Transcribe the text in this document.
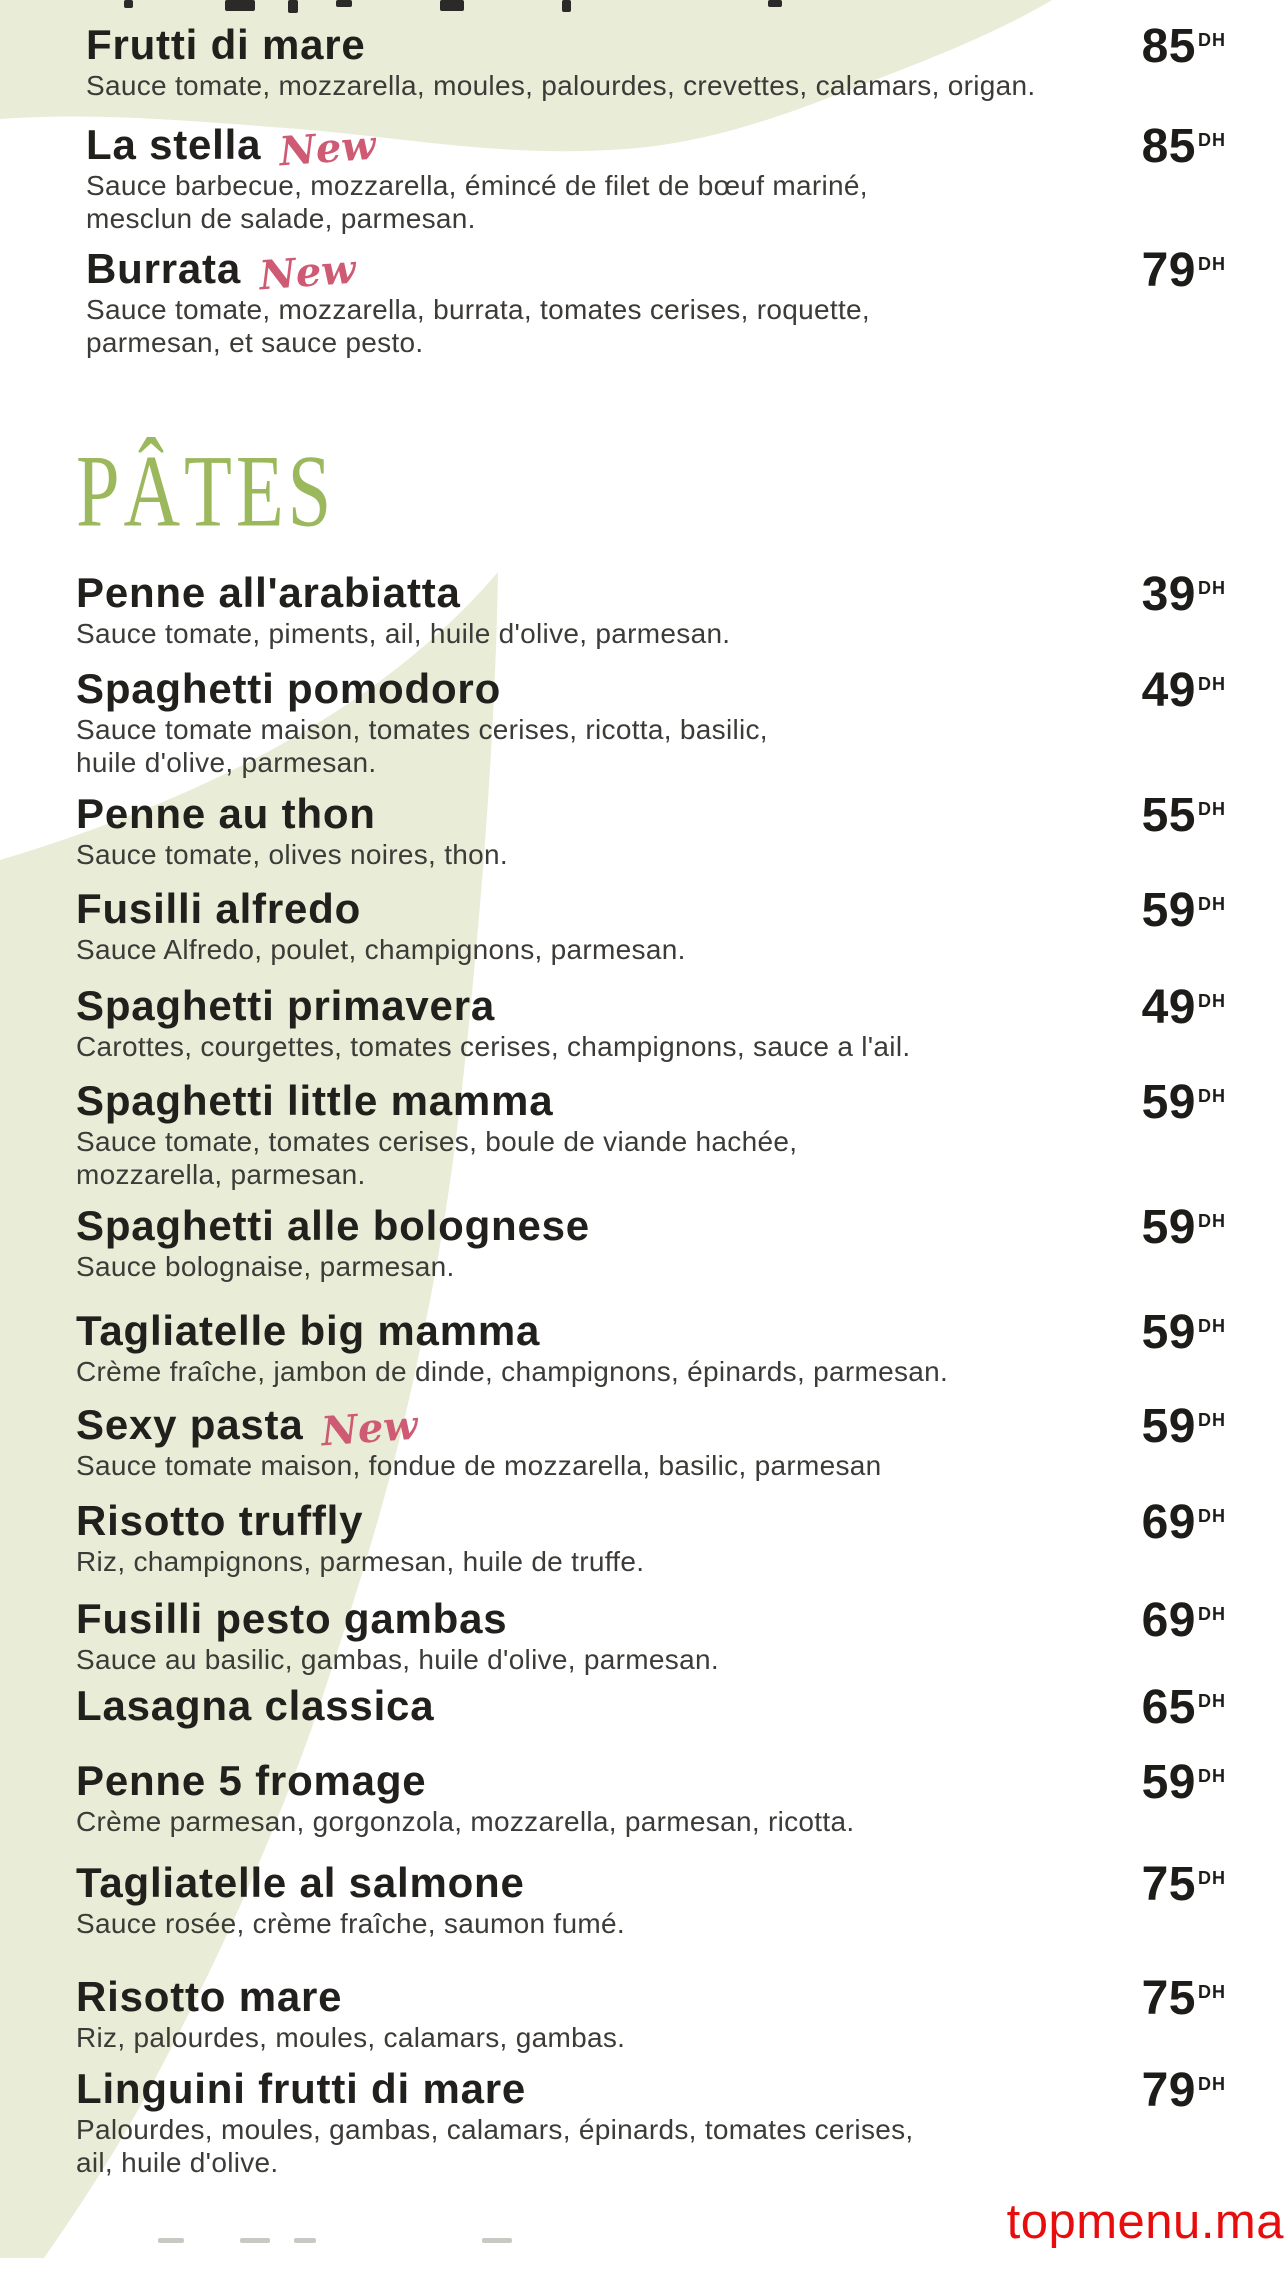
Frutti di mare	85 $^{DH}$
Sauce tomate, mozzarella, moules, palourdes, crevettes, calamars, origan.
La stella New	85 $^{DH}$
Sauce barbecue, mozzarella, émincé de filet de bœuf mariné,
mesclun de salade, parmesan.
Burrata New	79 $^{DH}$
Sauce tomate, mozzarella, burrata, tomates cerises, roquette,
parmesan, et sauce pesto.
PÂTES
Penne all'arabiatta	39 $^{DH}$
Sauce tomate, piments, ail, huile d'olive, parmesan.
Spaghetti pomodoro	49 $^{DH}$
Sauce tomate maison, tomates cerises, ricotta, basilic,
huile d'olive, parmesan.
Penne au thon	55 $^{DH}$
Sauce tomate, olives noires, thon.
Fusilli alfredo	59 $^{DH}$
Sauce Alfredo, poulet, champignons, parmesan.
Spaghetti primavera	49 $^{DH}$
Carottes, courgettes, tomates cerises, champignons, sauce a l'ail.
Spaghetti little mamma	59 $^{DH}$
Sauce tomate, tomates cerises, boule de viande hachée,
mozzarella, parmesan.
Spaghetti alle bolognese	59 $^{DH}$
Sauce bolognaise, parmesan.
Tagliatelle big mamma	59 $^{DH}$
Crème fraîche, jambon de dinde, champignons, épinards, parmesan.
Sexy pasta New	59 $^{DH}$
Sauce tomate maison, fondue de mozzarella, basilic, parmesan
Risotto truffly	69 $^{DH}$
Riz, champignons, parmesan, huile de truffe.
Fusilli pesto gambas	69 $^{DH}$
Sauce au basilic, gambas, huile d'olive, parmesan.
Lasagna classica	65 $^{DH}$
Penne 5 fromage	59 $^{DH}$
Crème parmesan, gorgonzola, mozzarella, parmesan, ricotta.
Tagliatelle al salmone	75 $^{DH}$
Sauce rosée, crème fraîche, saumon fumé.
Risotto mare	75 $^{DH}$
Riz, palourdes, moules, calamars, gambas.
Linguini frutti di mare	79 $^{DH}$
Palourdes, moules, gambas, calamars, épinards, tomates cerises,
ail, huile d'olive.
topmenu.ma
